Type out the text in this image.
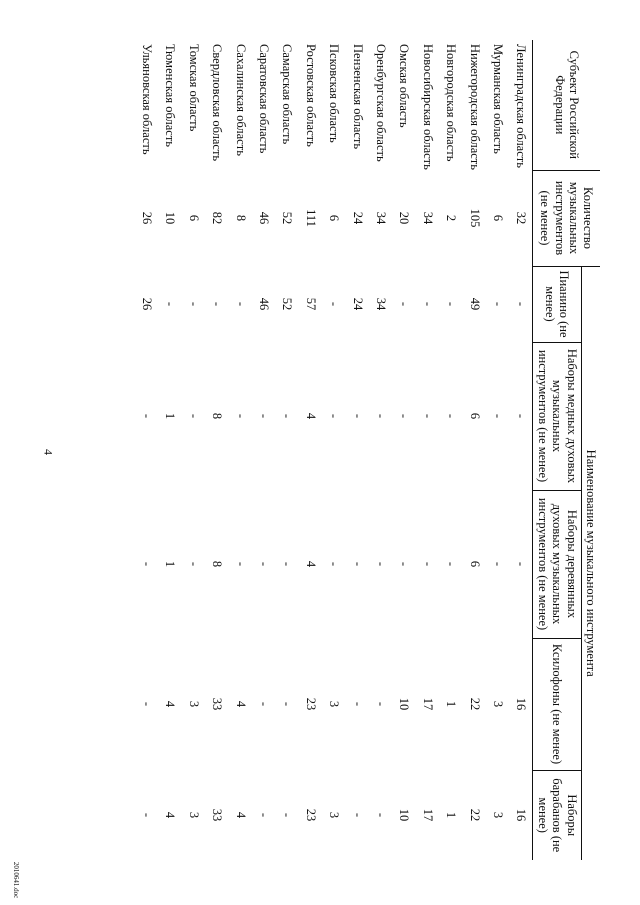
4
Субъект Российской Федерации	Количество музыкальных инструментов (не менее)	Наименование музыкального инструмента				
		Пианино (не менее)	Наборы медных духовых музыкальных инструментов (не менее)	Наборы деревянных духовых музыкальных инструментов (не менее)	Ксилофоны (не менее)	Наборы барабанов (не менее)
Ленинградская область	32	-	-	-	16	16
Мурманская область	6	-	-	-	3	3
Нижегородская область	105	49	6	6	22	22
Новгородская область	2	-	-	-	1	1
Новосибирская область	34	-	-	-	17	17
Омская область	20	-	-	-	10	10
Оренбургская область	34	34	-	-	-	-
Пензенская область	24	24	-	-	-	-
Псковская область	6	-	-	-	3	3
Ростовская область	111	57	4	4	23	23
Самарская область	52	52	-	-	-	-
Саратовская область	46	46	-	-	-	-
Сахалинская область	8	-	-	-	4	4
Свердловская область	82	-	8	8	33	33
Томская область	6	-	-	-	3	3
Тюменская область	10	-	1	1	4	4
Ульяновская область	26	26	-	-	-	-
2010641.doc
